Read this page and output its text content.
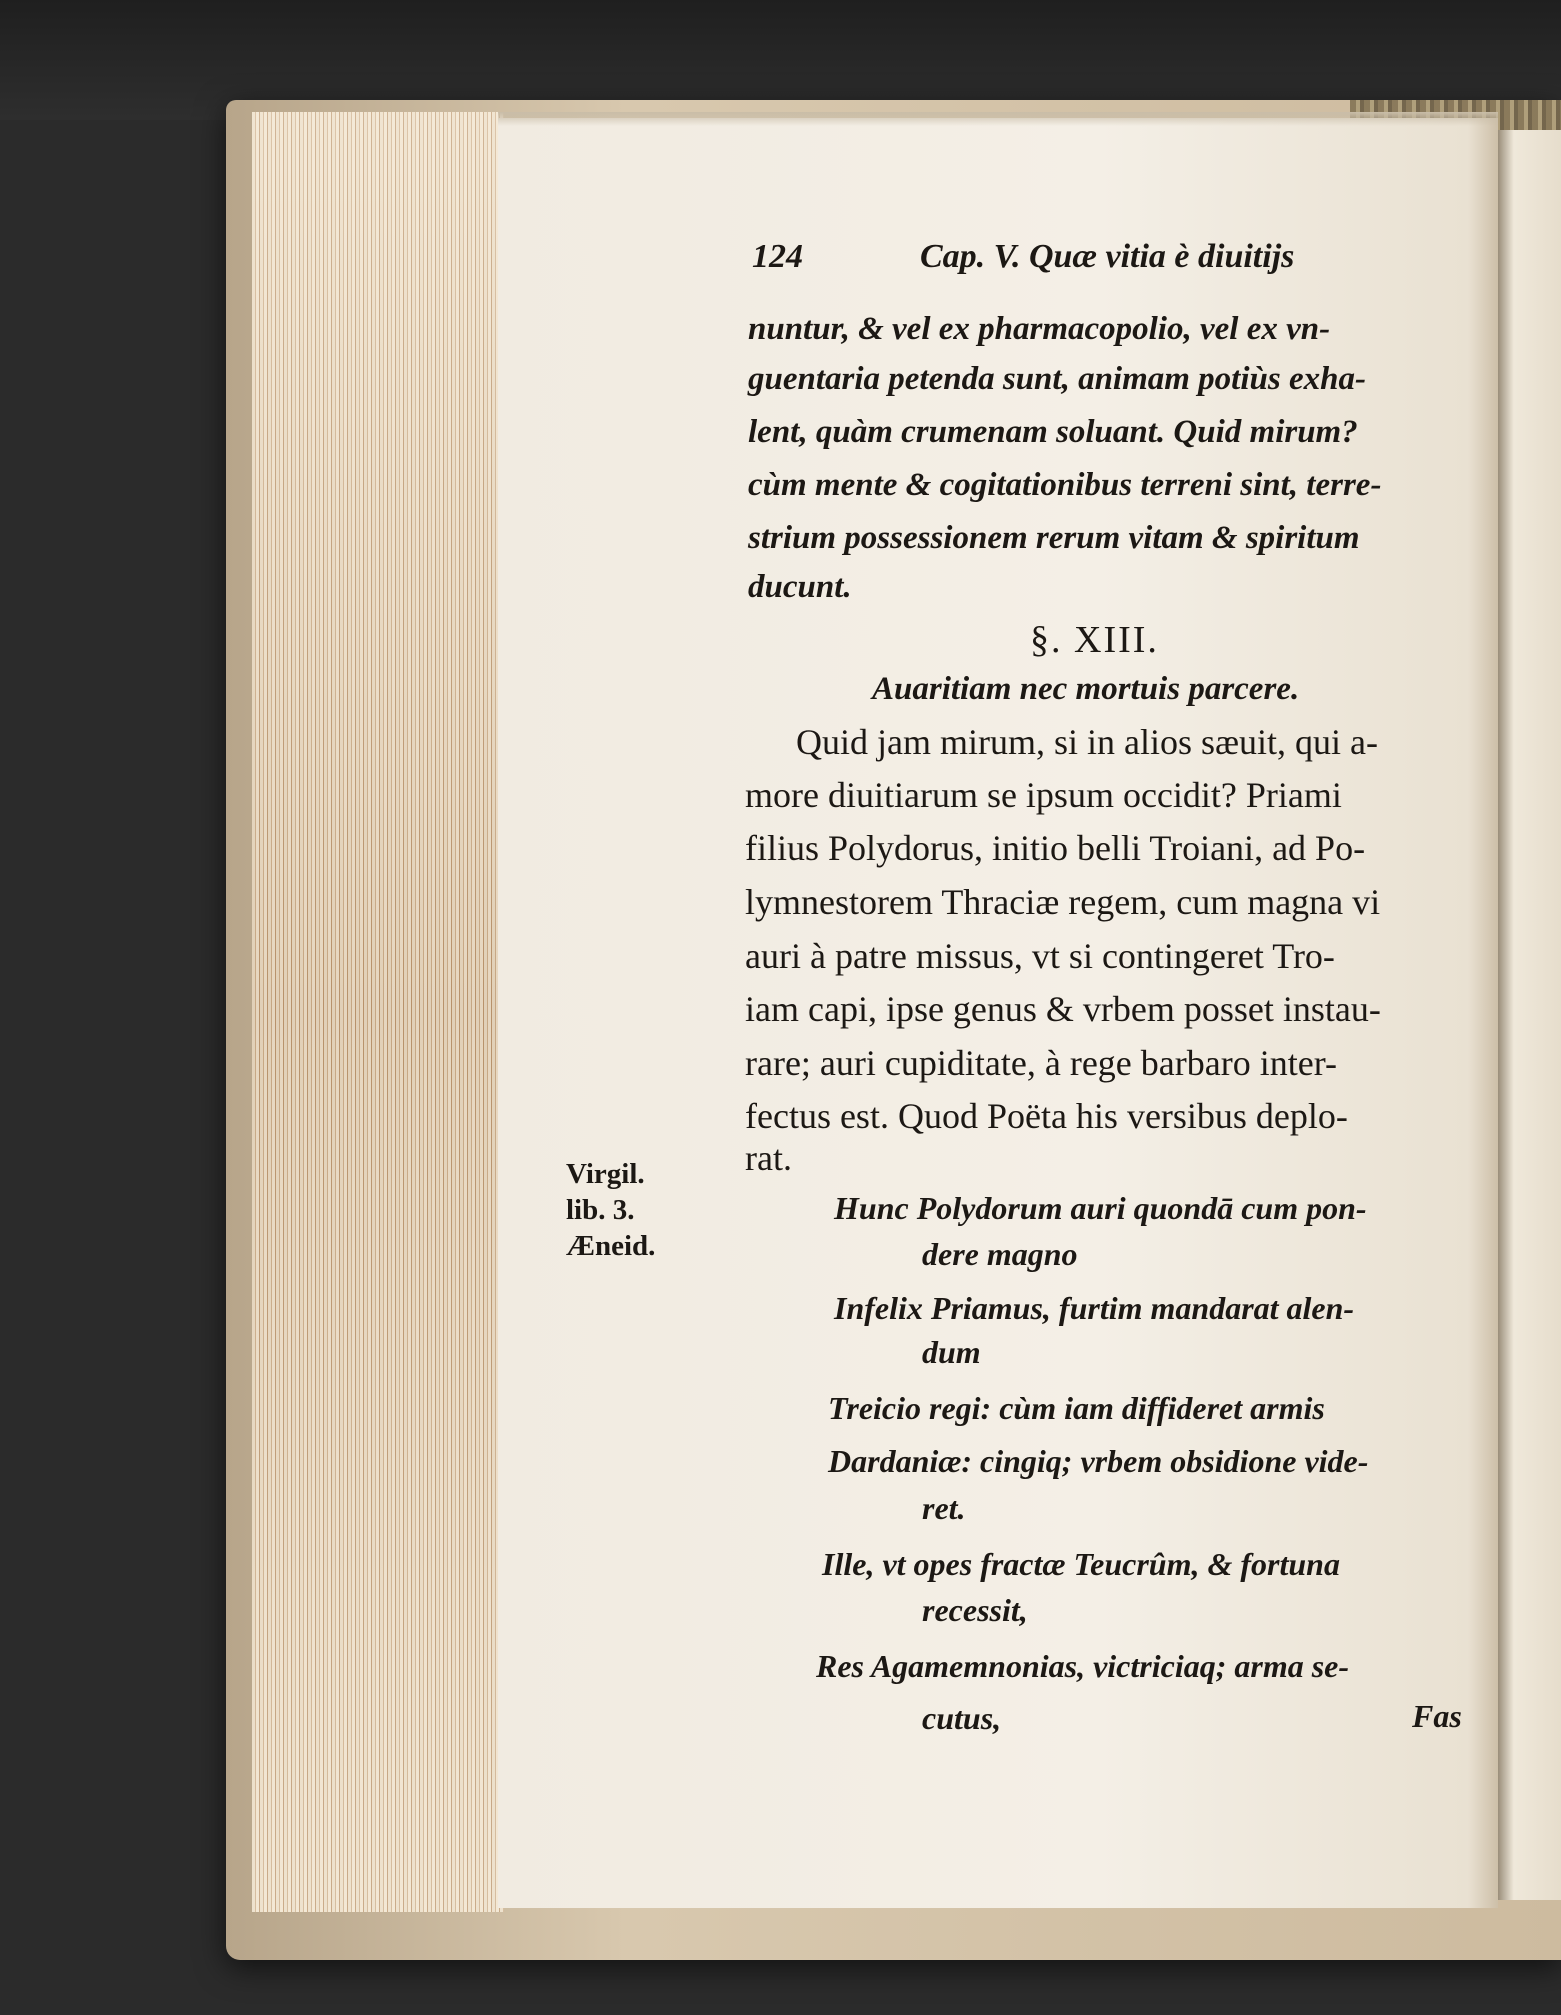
124	Cap. V. Quæ vitia è diuitijs
nuntur, & vel ex pharmacopolio, vel ex vn-
guentaria petenda sunt, animam potiùs exha-
lent, quàm crumenam soluant. Quid mirum?
cùm mente & cogitationibus terreni sint, terre-
strium possessionem rerum vitam & spiritum
ducunt.
§. XIII.
Auaritiam nec mortuis parcere.
Quid jam mirum, si in alios sæuit, qui a-
more diuitiarum se ipsum occidit? Priami
filius Polydorus, initio belli Troiani, ad Po-
lymnestorem Thraciæ regem, cum magna vi
auri à patre missus, vt si contingeret Tro-
iam capi, ipse genus & vrbem posset instau-
rare; auri cupiditate, à rege barbaro inter-
fectus est. Quod Poëta his versibus deplo-
rat.
Virgil.
lib. 3.
Æneid.
Hunc Polydorum auri quondā cum pon-
dere magno
Infelix Priamus, furtim mandarat alen-
dum
Treicio regi: cùm iam diffideret armis
Dardaniæ: cingiq; vrbem obsidione vide-
ret.
Ille, vt opes fractæ Teucrûm, & fortuna
recessit,
Res Agamemnonias, victriciaq; arma se-
cutus,	Fas
